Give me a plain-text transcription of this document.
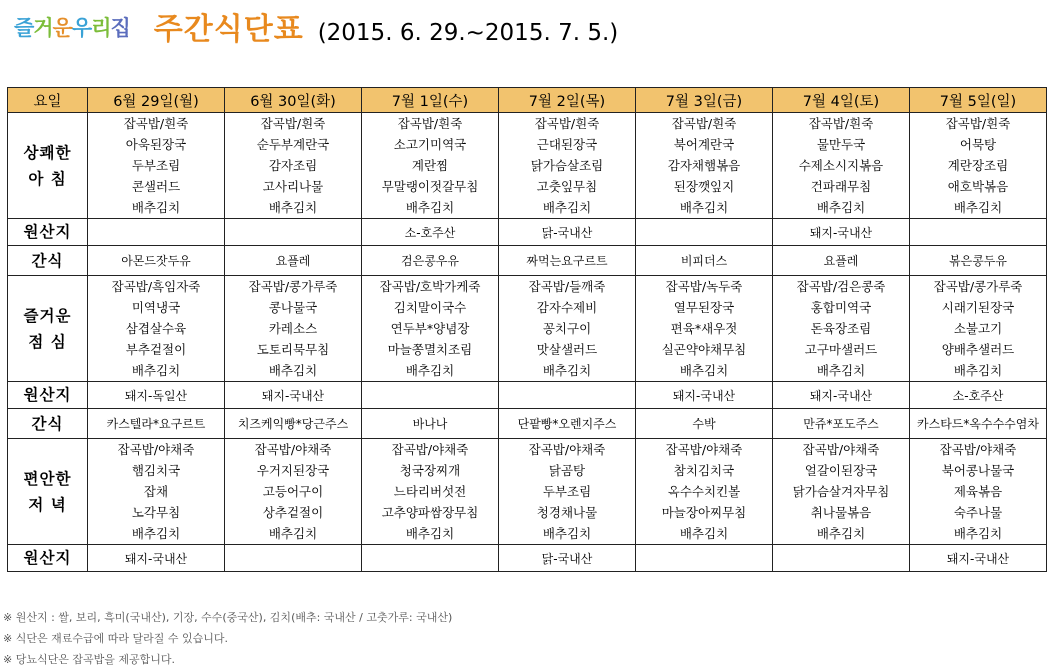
즐거운우리집 주간식단표 (2015. 6. 29.~2015. 7. 5.)
요일	6월 29일(월)	6월 30일(화)	7월 1일(수)	7월 2일(목)	7월 3일(금)	7월 4일(토)	7월 5일(일)

상쾌한
아 침	잡곡밥/흰죽
아욱된장국
두부조림
콘샐러드
배추김치	잡곡밥/흰죽
순두부계란국
감자조림
고사리나물
배추김치	잡곡밥/흰죽
소고기미역국
계란찜
무말랭이젓갈무침
배추김치	잡곡밥/흰죽
근대된장국
닭가슴살조림
고춧잎무침
배추김치	잡곡밥/흰죽
북어계란국
감자채햄볶음
된장깻잎지
배추김치	잡곡밥/흰죽
물만두국
수제소시지볶음
건파래무침
배추김치	잡곡밥/흰죽
어묵탕
계란장조림
애호박볶음
배추김치

원산지			소-호주산	닭-국내산		돼지-국내산	
간식	아몬드잣두유	요플레	검은콩우유	짜먹는요구르트	비피더스	요플레	볶은콩두유

즐거운
점 심	잡곡밥/흑임자죽
미역냉국
삼겹살수육
부추겉절이
배추김치	잡곡밥/콩가루죽
콩나물국
카레소스
도토리묵무침
배추김치	잡곡밥/호박가케죽
김치말이국수
연두부*양념장
마늘쫑멸치조림
배추김치	잡곡밥/들깨죽
감자수제비
꽁치구이
맛살샐러드
배추김치	잡곡밥/녹두죽
열무된장국
편육*새우젓
실곤약야채무침
배추김치	잡곡밥/검은콩죽
홍합미역국
돈육장조림
고구마샐러드
배추김치	잡곡밥/콩가루죽
시래기된장국
소불고기
양배추샐러드
배추김치

원산지	돼지-독일산	돼지-국내산			돼지-국내산	돼지-국내산	소-호주산
간식	카스텔라*요구르트	치즈케익빵*당근주스	바나나	단팥빵*오렌지주스	수박	만쥬*포도주스	카스타드*옥수수수염차

편안한
저 녁	잡곡밥/야채죽
햄김치국
잡채
노각무침
배추김치	잡곡밥/야채죽
우거지된장국
고등어구이
상추겉절이
배추김치	잡곡밥/야채죽
청국장찌개
느타리버섯전
고추양파쌈장무침
배추김치	잡곡밥/야채죽
닭곰탕
두부조림
청경채나물
배추김치	잡곡밥/야채죽
참치김치국
옥수수치킨볼
마늘장아찌무침
배추김치	잡곡밥/야채죽
얼갈이된장국
닭가슴살겨자무침
취나물볶음
배추김치	잡곡밥/야채죽
북어콩나물국
제육볶음
숙주나물
배추김치

원산지	돼지-국내산			닭-국내산			돼지-국내산
※ 원산지 : 쌀, 보리, 흑미(국내산), 기장, 수수(중국산), 김치(배추: 국내산 / 고춧가루: 국내산)
※ 식단은 재료수급에 따라 달라질 수 있습니다.
※ 당뇨식단은 잡곡밥을 제공합니다.
